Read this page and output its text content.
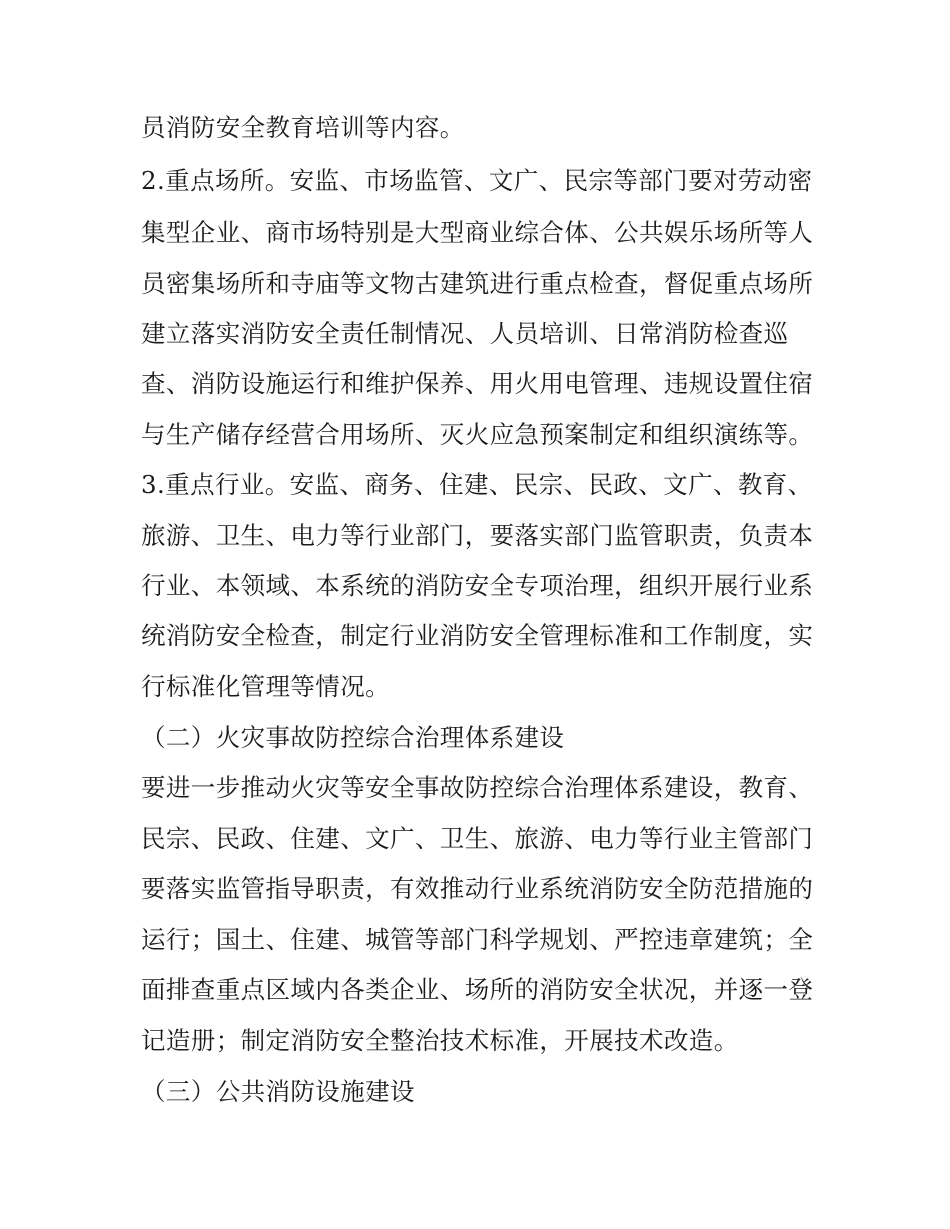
员消防安全教育培训等内容。
2.重点场所。安监、市场监管、文广、民宗等部门要对劳动密
集型企业、商市场特别是大型商业综合体、公共娱乐场所等人
员密集场所和寺庙等文物古建筑进行重点检查，督促重点场所
建立落实消防安全责任制情况、人员培训、日常消防检查巡
查、消防设施运行和维护保养、用火用电管理、违规设置住宿
与生产储存经营合用场所、灭火应急预案制定和组织演练等。
3.重点行业。安监、商务、住建、民宗、民政、文广、教育、
旅游、卫生、电力等行业部门，要落实部门监管职责，负责本
行业、本领域、本系统的消防安全专项治理，组织开展行业系
统消防安全检查，制定行业消防安全管理标准和工作制度，实
行标准化管理等情况。
（二）火灾事故防控综合治理体系建设
要进一步推动火灾等安全事故防控综合治理体系建设，教育、
民宗、民政、住建、文广、卫生、旅游、电力等行业主管部门
要落实监管指导职责，有效推动行业系统消防安全防范措施的
运行；国土、住建、城管等部门科学规划、严控违章建筑；全
面排查重点区域内各类企业、场所的消防安全状况，并逐一登
记造册；制定消防安全整治技术标准，开展技术改造。
（三）公共消防设施建设
